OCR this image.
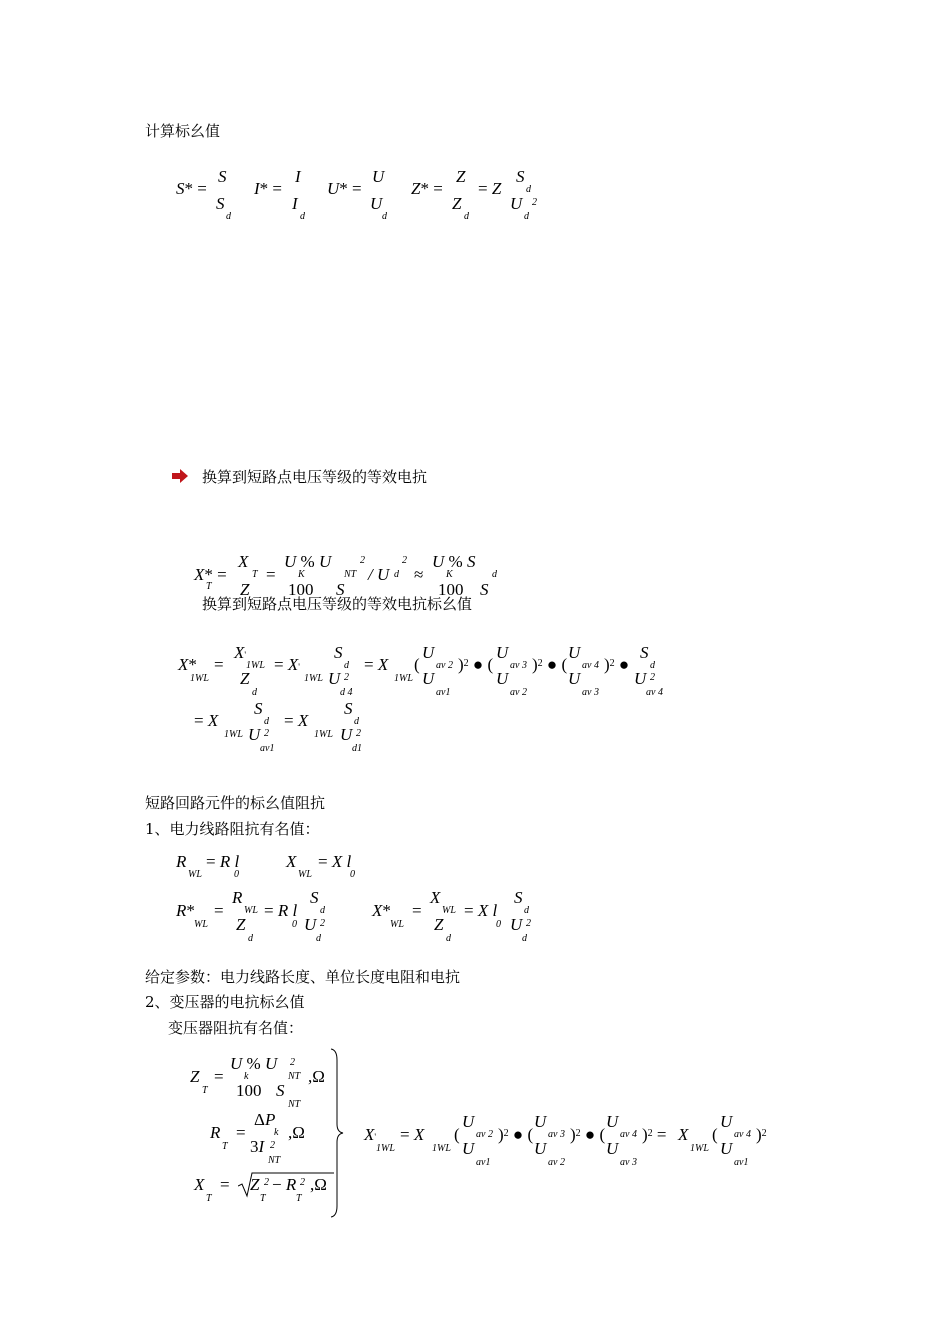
计算标幺值
S* =
S
S
d
I* =
I
I
d
U* =
U
U
d
Z* =
Z
Z
d
= Z
S
d
U 2
d
换算到短路点电压等级的等效电抗
X* =
T
X
T
Z
=
U % U
K	NT
2
100 S
/ U
2
d ≈
U % S
K	d
100 S
换算到短路点电压等级的等效电抗标幺值
X*
1WL
=
X'
1WL
Z
d
= X'
1WL
S
d
U 2
d 4
= X
1WL
(
U
av 2
U
av1
)$^2$ ● (
U
av 3
U
av 2
)$^2$ ● (
U
av 4
U
av 3
)$^2$ ●
S
d
U 2
av 4
= X
1WL
S
d
U 2
av1
= X
1WL
S
d
U 2
d1
短路回路元件的标幺值阻抗
1、电力线路阻抗有名值：
R
WL
= R l
0
X
WL
= X l
0
R*
WL
=
R
WL
Z
d
= R l
0
S
d
U 2
d
X*
WL
=
X
WL
Z
d
= X l
0
S
d
U 2
d
给定参数：电力线路长度、单位长度电阻和电抗
2、变压器的电抗标幺值
变压器阻抗有名值：
Z
T
=
U % U
k
2
NT
100 S
NT
,Ω
R
T
=
ΔP
k
3I 2
NT
,Ω
X
T
= Z 2
T
− R 2
T
,Ω
X'
1WL
= X
1WL
(
U
av 2
U
av1
)$^2$ ● (
U
av 3
U
av 2
)$^2$ ● (
U
av 4
U
av 3
)$^2$ = X
1WL
(
U
av 4
U
av1
)$^2$
